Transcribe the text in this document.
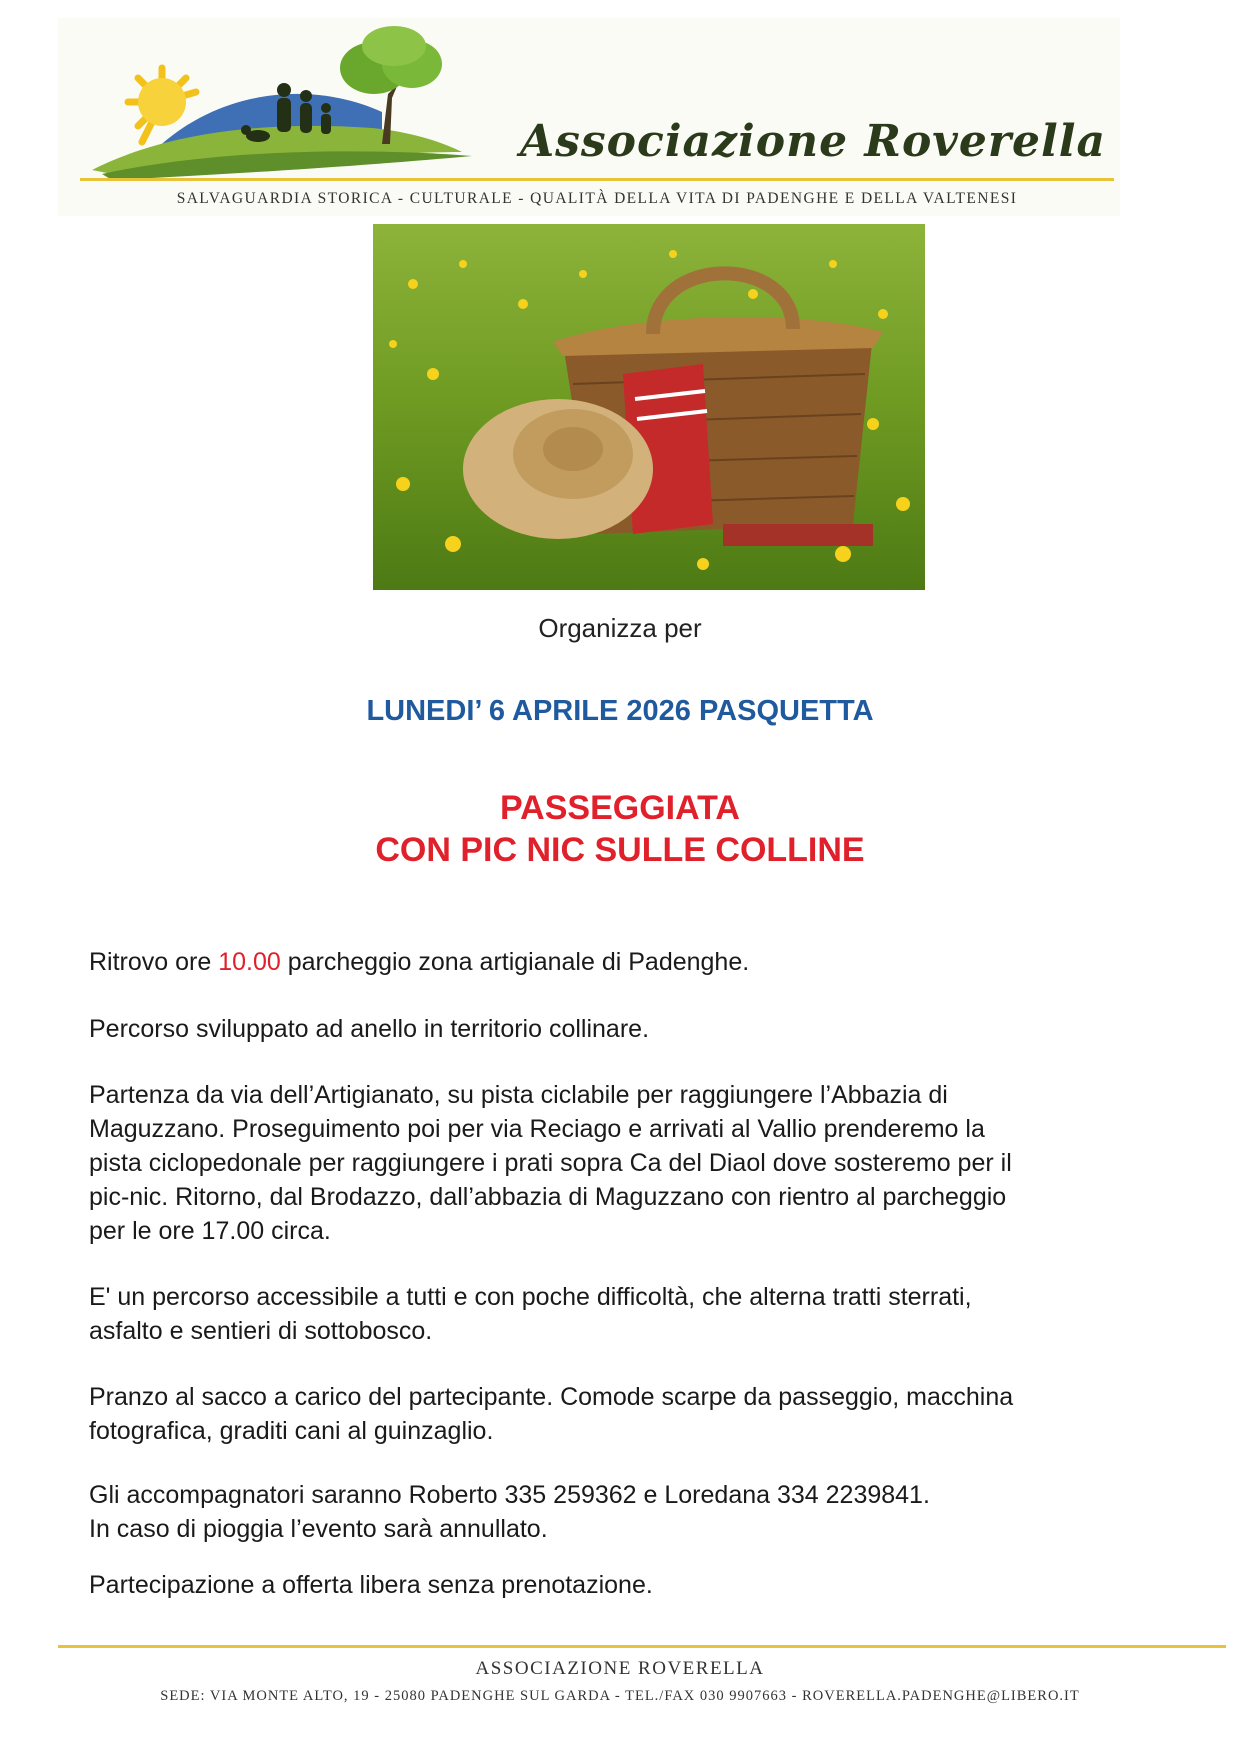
Associazione Roverella
SALVAGUARDIA STORICA - CULTURALE - QUALITÀ DELLA VITA DI PADENGHE E DELLA VALTENESI
Organizza per
LUNEDI’ 6 APRILE 2026 PASQUETTA
PASSEGGIATA
CON PIC NIC SULLE COLLINE
Ritrovo ore 10.00 parcheggio zona artigianale di Padenghe.
Percorso sviluppato ad anello in territorio collinare.

Partenza da via dell’Artigianato, su pista ciclabile per raggiungere l’Abbazia di

Maguzzano. Proseguimento poi per via Reciago e arrivati al Vallio prenderemo la

pista ciclopedonale per raggiungere i prati sopra Ca del Diaol dove sosteremo per il

pic-nic. Ritorno, dal Brodazzo, dall’abbazia di Maguzzano con rientro al parcheggio

per le ore 17.00 circa.

E' un percorso accessibile a tutti e con poche difficoltà, che alterna tratti sterrati,

asfalto e sentieri di sottobosco.

Pranzo al sacco a carico del partecipante. Comode scarpe da passeggio, macchina

fotografica, graditi cani al guinzaglio.

Gli accompagnatori saranno Roberto 335 259362 e Loredana 334 2239841.

In caso di pioggia l’evento sarà annullato.

Partecipazione a offerta libera senza prenotazione.
ASSOCIAZIONE ROVERELLA
SEDE: VIA MONTE ALTO, 19 - 25080 PADENGHE SUL GARDA - TEL./FAX 030 9907663 - ROVERELLA.PADENGHE@LIBERO.IT
